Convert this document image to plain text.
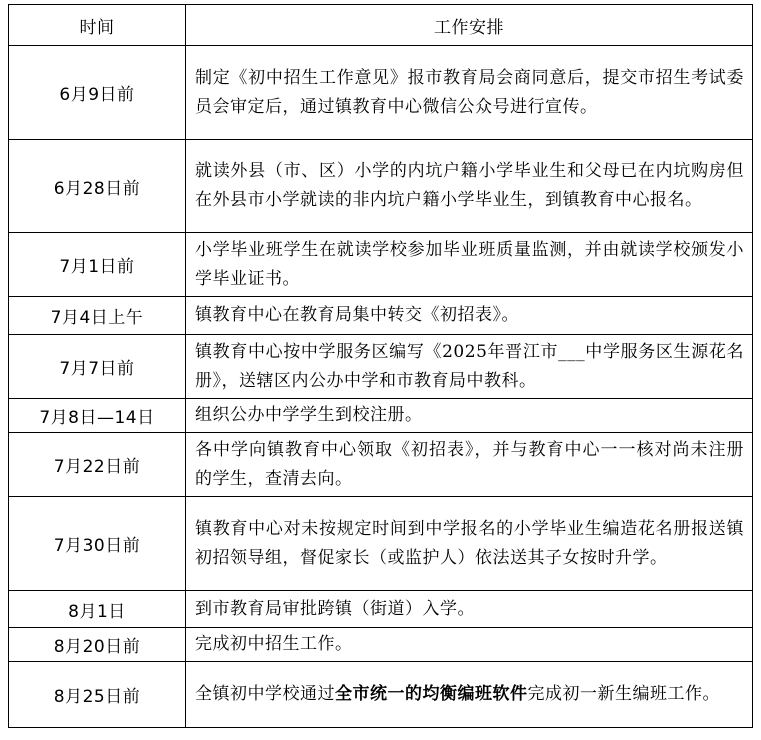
时间	工作安排
6月9日前	制定《初中招生工作意见》报市教育局会商同意后，提交市招生考试委员会审定后，通过镇教育中心微信公众号进行宣传。
6月28日前	就读外县（市、区）小学的内坑户籍小学毕业生和父母已在内坑购房但在外县市小学就读的非内坑户籍小学毕业生，到镇教育中心报名。
7月1日前	小学毕业班学生在就读学校参加毕业班质量监测，并由就读学校颁发小学毕业证书。
7月4日上午	镇教育中心在教育局集中转交《初招表》。
7月7日前	镇教育中心按中学服务区编写《2025年晋江市___中学服务区生源花名册》，送辖区内公办中学和市教育局中教科。
7月8日—14日	组织公办中学学生到校注册。
7月22日前	各中学向镇教育中心领取《初招表》，并与教育中心一一核对尚未注册的学生，查清去向。
7月30日前	镇教育中心对未按规定时间到中学报名的小学毕业生编造花名册报送镇初招领导组，督促家长（或监护人）依法送其子女按时升学。
8月1日	到市教育局审批跨镇（街道）入学。
8月20日前	完成初中招生工作。
8月25日前	全镇初中学校通过全市统一的均衡编班软件完成初一新生编班工作。
